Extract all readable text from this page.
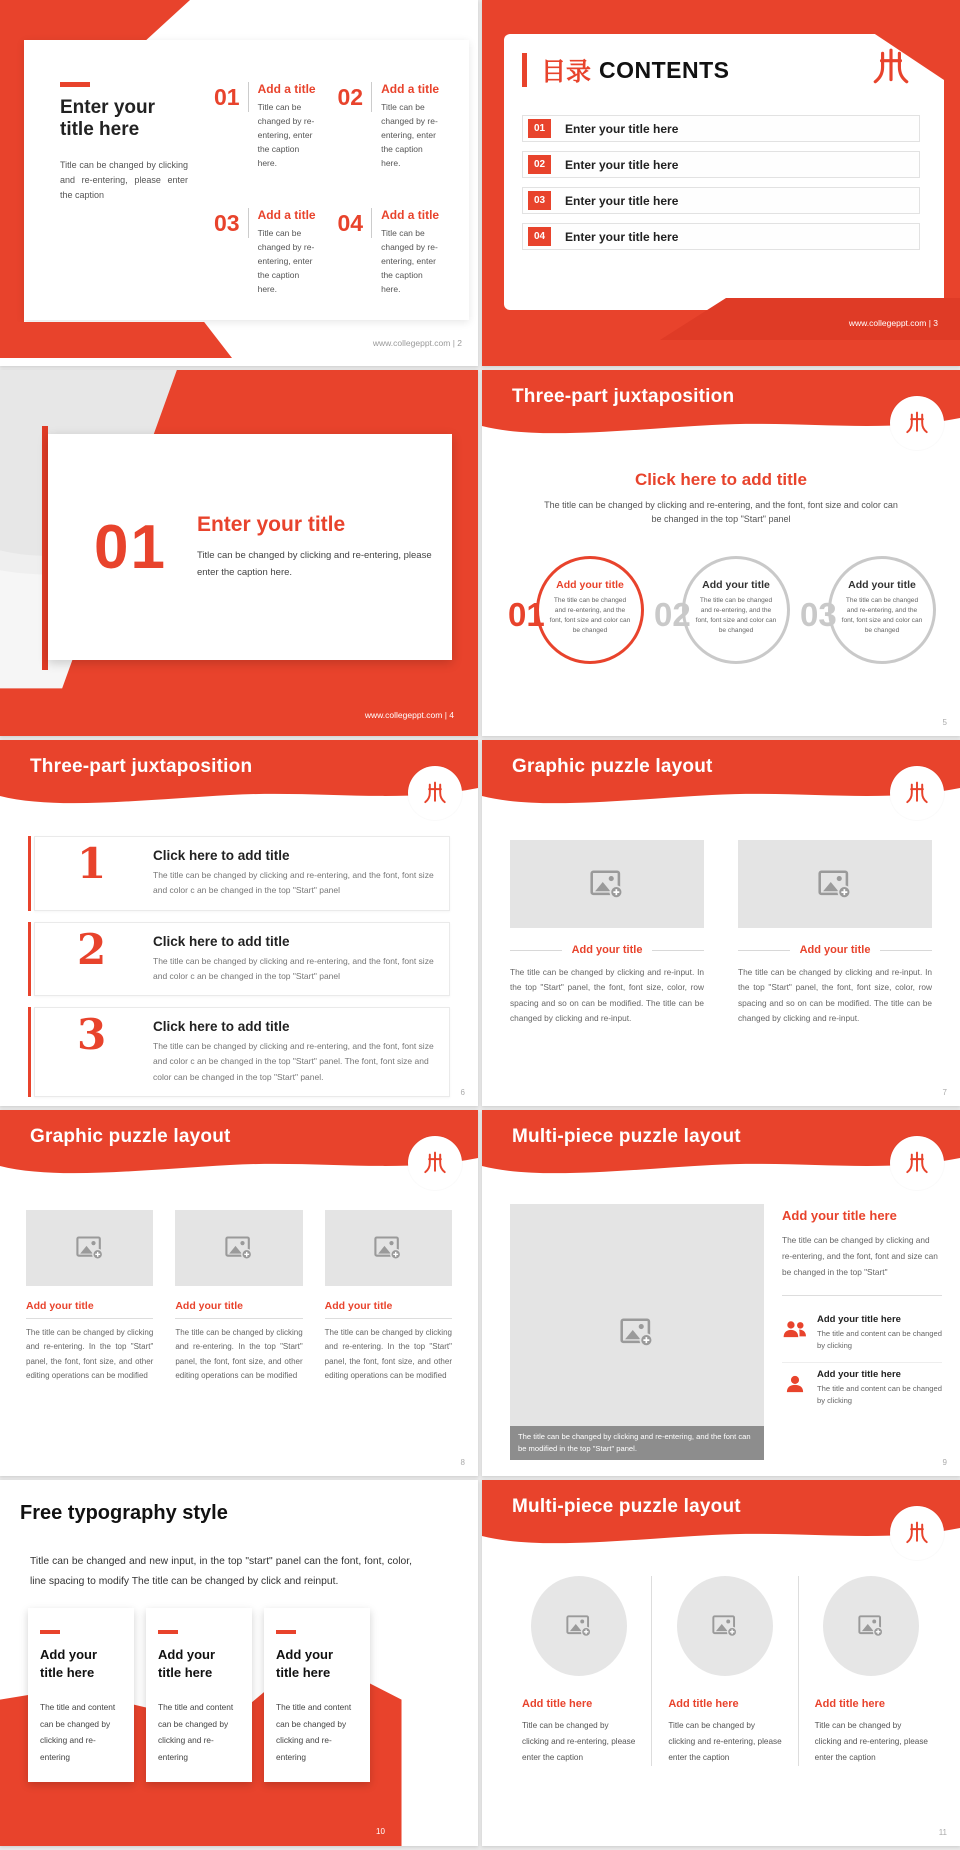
Enter your title here
Title can be changed by clicking and re-entering, please enter the caption
01	Add a title
Title can be changed by re-entering, enter the caption here.
02	Add a title
Title can be changed by re-entering, enter the caption here.
03	Add a title
Title can be changed by re-entering, enter the caption here.
04	Add a title
Title can be changed by re-entering, enter the caption here.
www.collegeppt.com | 2
目录 CONTENTS
01	Enter your title here
02	Enter your title here
03	Enter your title here
04	Enter your title here
www.collegeppt.com | 3
01 Enter your title
Title can be changed by clicking and re-entering, please enter the caption here.
www.collegeppt.com | 4
Three-part juxtaposition
Click here to add title
The title can be changed by clicking and re-entering, and the font, font size and color can be changed in the top "Start" panel
01
Add your title
The title can be changed and re-entering, and the font, font size and color can be changed	02
Add your title
The title can be changed and re-entering, and the font, font size and color can be changed	03
Add your title
The title can be changed and re-entering, and the font, font size and color can be changed
5
Three-part juxtaposition
1	Click here to add title
The title can be changed by clicking and re-entering, and the font, font size and color c an be changed in the top "Start" panel
2	Click here to add title
The title can be changed by clicking and re-entering, and the font, font size and color c an be changed in the top "Start" panel
3	Click here to add title
The title can be changed by clicking and re-entering, and the font, font size and color c an be changed in the top "Start" panel. The font, font size and color can be changed in the top "Start" panel.
6
Graphic puzzle layout
Add your title
The title can be changed by clicking and re-input. In the top "Start" panel, the font, font size, color, row spacing and so on can be modified. The title can be changed by clicking and re-input.
Add your title
The title can be changed by clicking and re-input. In the top "Start" panel, the font, font size, color, row spacing and so on can be modified. The title can be changed by clicking and re-input.
7
Graphic puzzle layout
Add your title
The title can be changed by clicking and re-entering. In the top "Start" panel, the font, font size, and other editing operations can be modified
Add your title
The title can be changed by clicking and re-entering. In the top "Start" panel, the font, font size, and other editing operations can be modified
Add your title
The title can be changed by clicking and re-entering. In the top "Start" panel, the font, font size, and other editing operations can be modified
8
Multi-piece puzzle layout
The title can be changed by clicking and re-entering, and the font can be modified in the top "Start" panel.
Add your title here
The title can be changed by clicking and re-entering, and the font, font and size can be changed in the top "Start"
Add your title here
The title and content can be changed by clicking
Add your title here
The title and content can be changed by clicking
9
Free typography style
Title can be changed and new input, in the top "start" panel can the font, font, color, line spacing to modify The title can be changed by click and reinput.
Add your title here
The title and content can be changed by clicking and re-entering
Add your title here
The title and content can be changed by clicking and re-entering
Add your title here
The title and content can be changed by clicking and re-entering
10
Multi-piece puzzle layout
Add title here
Title can be changed by clicking and re-entering, please enter the caption
Add title here
Title can be changed by clicking and re-entering, please enter the caption
Add title here
Title can be changed by clicking and re-entering, please enter the caption
11
